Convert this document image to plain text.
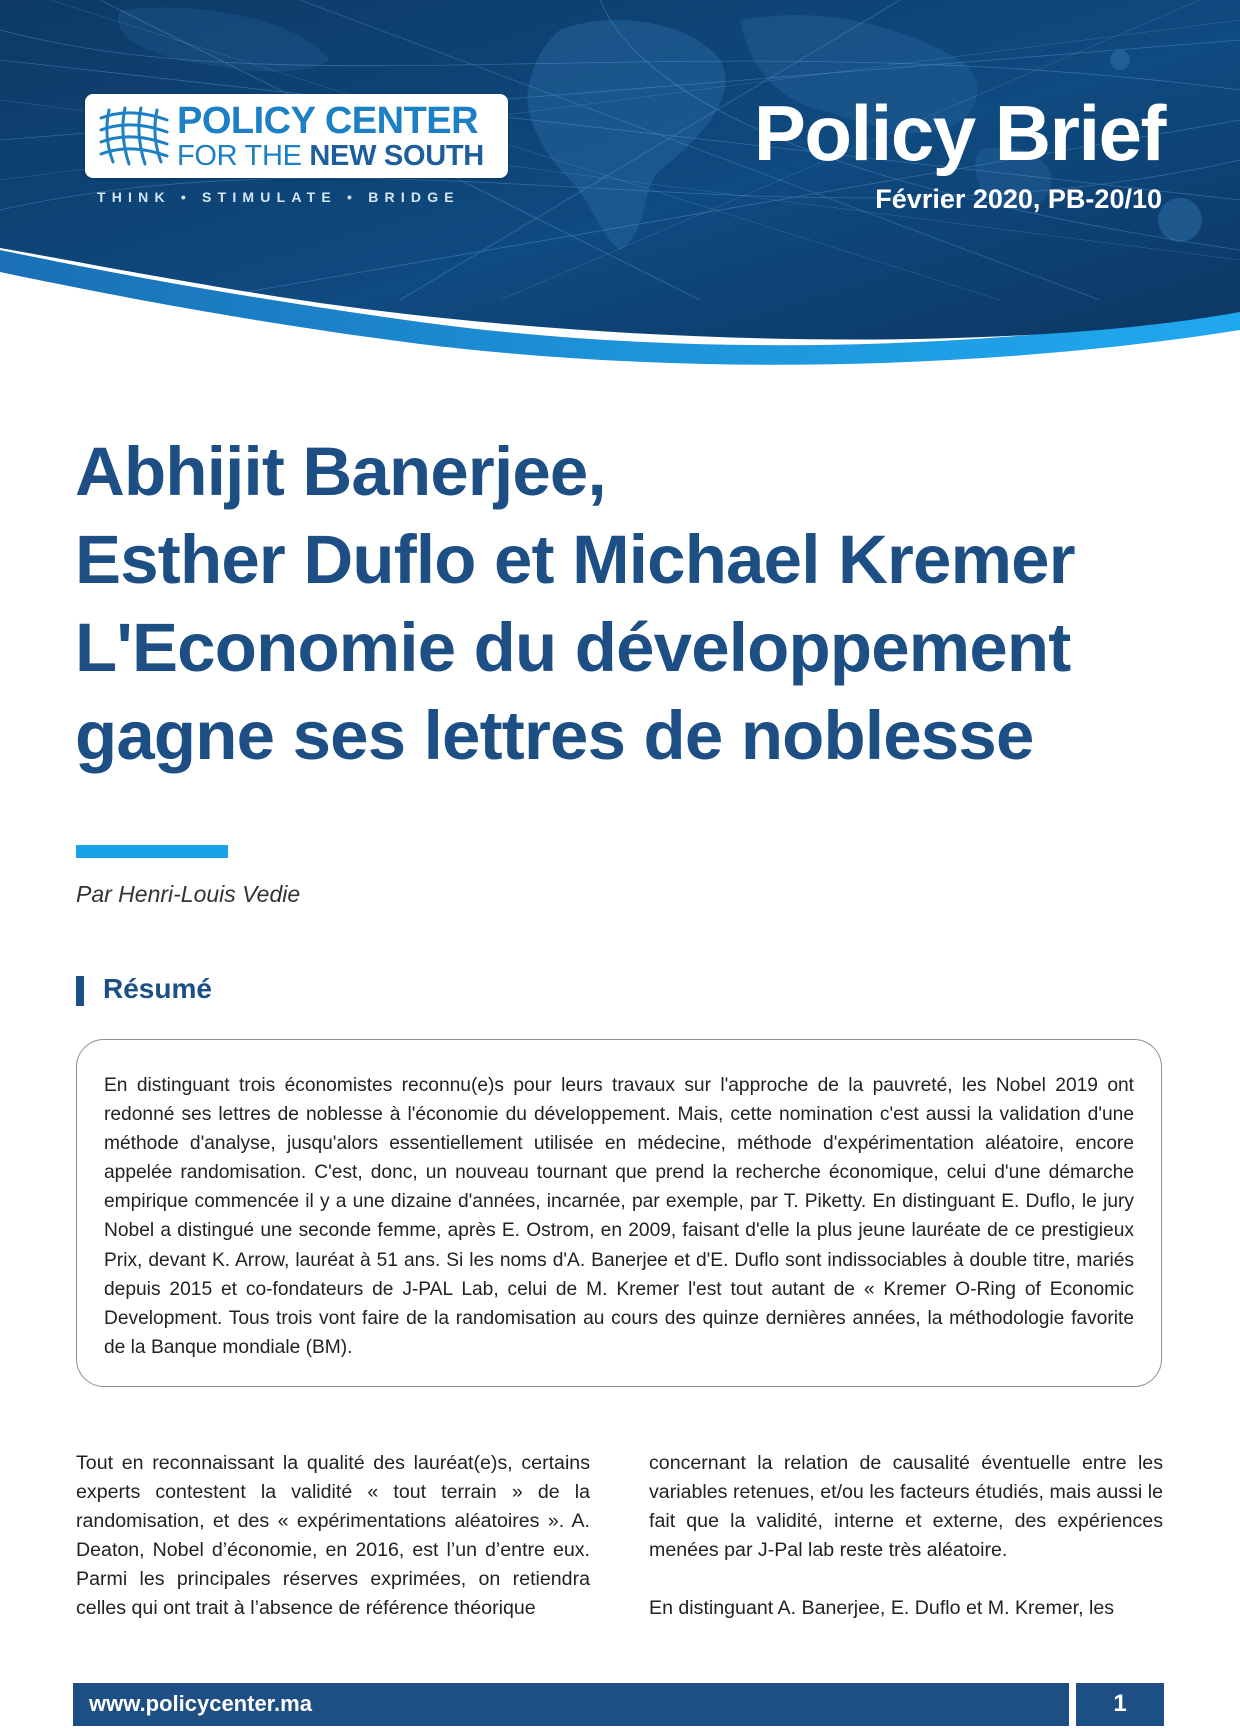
POLICY CENTER
FOR THE NEW SOUTH
THINK • STIMULATE • BRIDGE
Policy Brief
Février 2020, PB-20/10
Abhijit Banerjee,
Esther Duflo et Michael Kremer
L'Economie du développement
gagne ses lettres de noblesse
Par Henri-Louis Vedie
Résumé

En distinguant trois économistes reconnu(e)s pour leurs travaux sur l'approche de la pauvreté, les Nobel 2019 ont redonné ses lettres de noblesse à l'économie du développement. Mais, cette nomination c'est aussi la validation d'une méthode d'analyse, jusqu'alors essentiellement utilisée en médecine, méthode d'expérimentation aléatoire, encore appelée randomisation. C'est, donc, un nouveau tournant que prend la recherche économique, celui d'une démarche empirique commencée il y a une dizaine d'années, incarnée, par exemple, par T. Piketty. En distinguant E. Duflo, le jury Nobel a distingué une seconde femme, après E. Ostrom, en 2009, faisant d'elle la plus jeune lauréate de ce prestigieux Prix, devant K. Arrow, lauréat à 51 ans. Si les noms d'A. Banerjee et d'E. Duflo sont indissociables à double titre, mariés depuis 2015 et co-fondateurs de J-PAL Lab, celui de M. Kremer l'est tout autant de « Kremer O-Ring of Economic Development. Tous trois vont faire de la randomisation au cours des quinze dernières années, la méthodologie favorite de la Banque mondiale (BM).

Tout en reconnaissant la qualité des lauréat(e)s, certains experts contestent la validité « tout terrain » de la randomisation, et des « expérimentations aléatoires ». A. Deaton, Nobel d’économie, en 2016, est l’un d’entre eux. Parmi les principales réserves exprimées, on retiendra celles qui ont trait à l’absence de référence théorique

concernant la relation de causalité éventuelle entre les variables retenues, et/ou les facteurs étudiés, mais aussi le fait que la validité, interne et externe, des expériences menées par J-Pal lab reste très aléatoire.

En distinguant A. Banerjee, E. Duflo et M. Kremer, les

www.policycenter.ma	1
